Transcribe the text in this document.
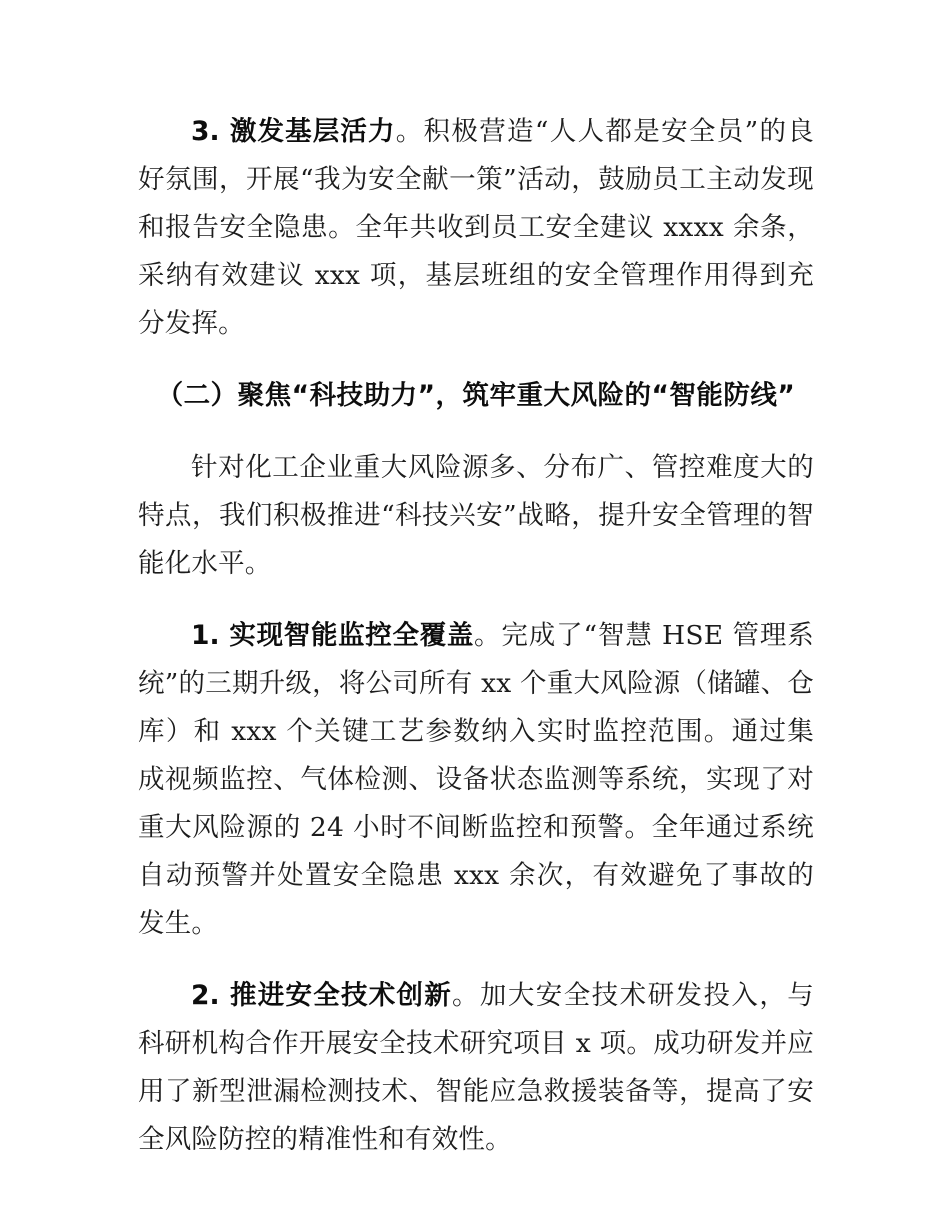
3. 激发基层活力。积极营造“人人都是安全员”的良好氛围，开展“我为安全献一策”活动，鼓励员工主动发现和报告安全隐患。全年共收到员工安全建议 xxxx 余条，采纳有效建议 xxx 项，基层班组的安全管理作用得到充分发挥。

（二）聚焦“科技助力”，筑牢重大风险的“智能防线”

针对化工企业重大风险源多、分布广、管控难度大的特点，我们积极推进“科技兴安”战略，提升安全管理的智能化水平。

1. 实现智能监控全覆盖。完成了“智慧 HSE 管理系统”的三期升级，将公司所有 xx 个重大风险源（储罐、仓库）和 xxx 个关键工艺参数纳入实时监控范围。通过集成视频监控、气体检测、设备状态监测等系统，实现了对重大风险源的 24 小时不间断监控和预警。全年通过系统自动预警并处置安全隐患 xxx 余次，有效避免了事故的发生。

2. 推进安全技术创新。加大安全技术研发投入，与科研机构合作开展安全技术研究项目 x 项。成功研发并应用了新型泄漏检测技术、智能应急救援装备等，提高了安全风险防控的精准性和有效性。
